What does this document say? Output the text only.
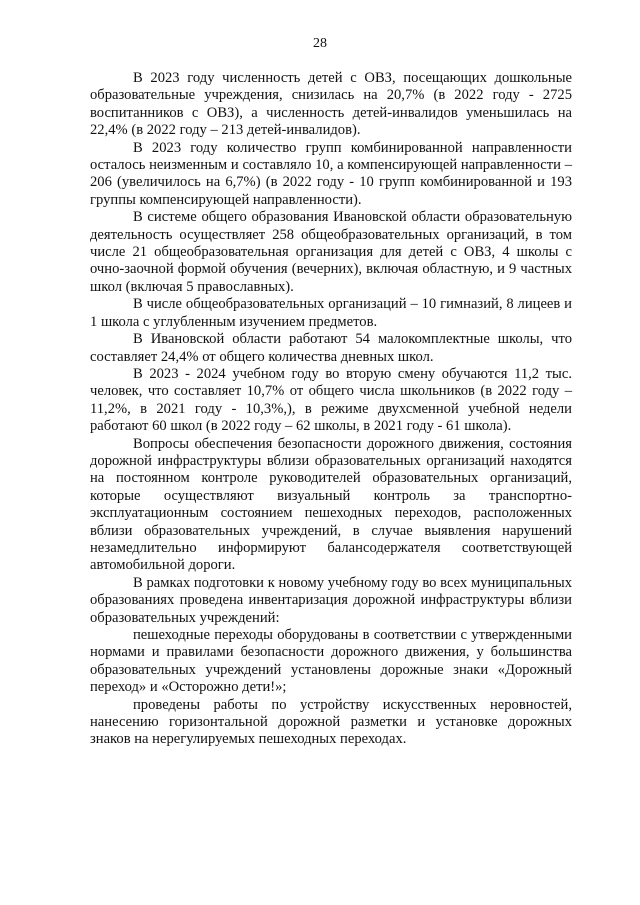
28

В 2023 году численность детей с ОВЗ, посещающих дошкольные образовательные учреждения, снизилась на 20,7% (в 2022 году - 2725 воспитанников с ОВЗ), а численность детей-инвалидов уменьшилась на 22,4% (в 2022 году – 213 детей-инвалидов).

В 2023 году количество групп комбинированной направленности осталось неизменным и составляло 10, а компенсирующей направленности – 206 (увеличилось на 6,7%) (в 2022 году - 10 групп комбинированной и 193 группы компенсирующей направленности).

В системе общего образования Ивановской области образовательную деятельность осуществляет 258 общеобразовательных организаций, в том числе 21 общеобразовательная организация для детей с ОВЗ, 4 школы с очно-заочной формой обучения (вечерних), включая областную, и 9 частных школ (включая 5 православных).

В числе общеобразовательных организаций – 10 гимназий, 8 лицеев и 1 школа с углубленным изучением предметов.

В Ивановской области работают 54 малокомплектные школы, что составляет 24,4% от общего количества дневных школ.

В 2023 - 2024 учебном году во вторую смену обучаются 11,2 тыс. человек, что составляет 10,7% от общего числа школьников (в 2022 году – 11,2%, в 2021 году - 10,3%,), в режиме двухсменной учебной недели работают 60 школ (в 2022 году – 62 школы, в 2021 году - 61 школа).

Вопросы обеспечения безопасности дорожного движения, состояния дорожной инфраструктуры вблизи образовательных организаций находятся на постоянном контроле руководителей образовательных организаций, которые осуществляют визуальный контроль за транспортно-эксплуатационным состоянием пешеходных переходов, расположенных вблизи образовательных учреждений, в случае выявления нарушений незамедлительно информируют балансодержателя соответствующей автомобильной дороги.

В рамках подготовки к новому учебному году во всех муниципальных образованиях проведена инвентаризация дорожной инфраструктуры вблизи образовательных учреждений:

пешеходные переходы оборудованы в соответствии с утвержденными нормами и правилами безопасности дорожного движения, у большинства образовательных учреждений установлены дорожные знаки «Дорожный переход» и «Осторожно дети!»;

проведены работы по устройству искусственных неровностей, нанесению горизонтальной дорожной разметки и установке дорожных знаков на нерегулируемых пешеходных переходах.
